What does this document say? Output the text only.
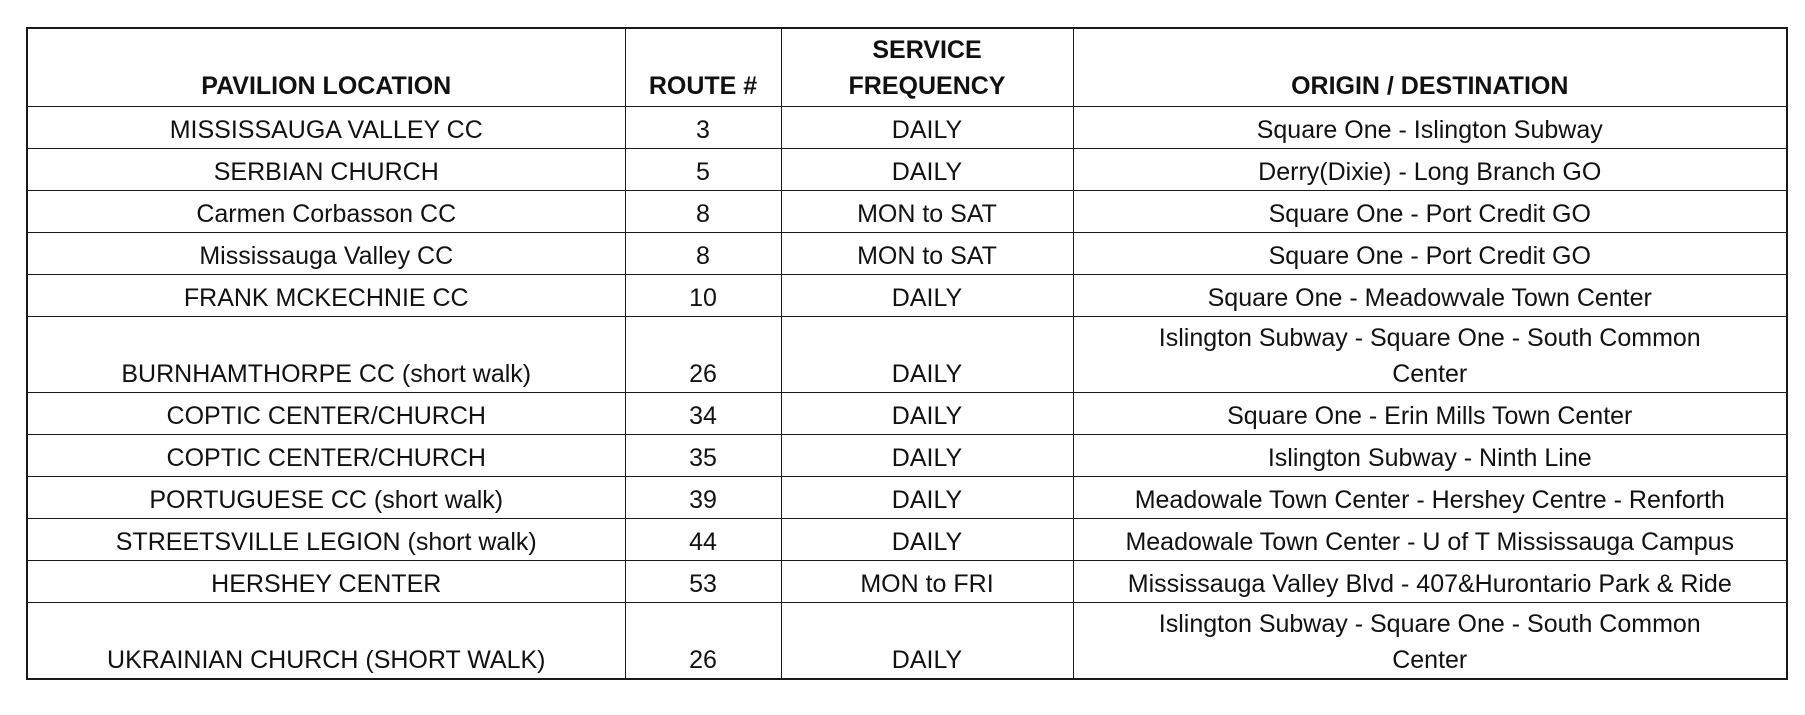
PAVILION LOCATION	ROUTE #	SERVICE FREQUENCY	ORIGIN / DESTINATION
MISSISSAUGA VALLEY CC	3	DAILY	Square One - Islington Subway
SERBIAN CHURCH	5	DAILY	Derry(Dixie) - Long Branch GO
Carmen Corbasson CC	8	MON to SAT	Square One - Port Credit GO
Mississauga Valley CC	8	MON to SAT	Square One - Port Credit GO
FRANK MCKECHNIE CC	10	DAILY	Square One - Meadowvale Town Center
BURNHAMTHORPE CC (short walk)	26	DAILY	Islington Subway - Square One - South Common Center
COPTIC CENTER/CHURCH	34	DAILY	Square One - Erin Mills Town Center
COPTIC CENTER/CHURCH	35	DAILY	Islington Subway - Ninth Line
PORTUGUESE CC (short walk)	39	DAILY	Meadowale Town Center - Hershey Centre - Renforth
STREETSVILLE LEGION (short walk)	44	DAILY	Meadowale Town Center - U of T Mississauga Campus
HERSHEY CENTER	53	MON to FRI	Mississauga Valley Blvd - 407&Hurontario Park & Ride
UKRAINIAN CHURCH (SHORT WALK)	26	DAILY	Islington Subway - Square One - South Common Center
